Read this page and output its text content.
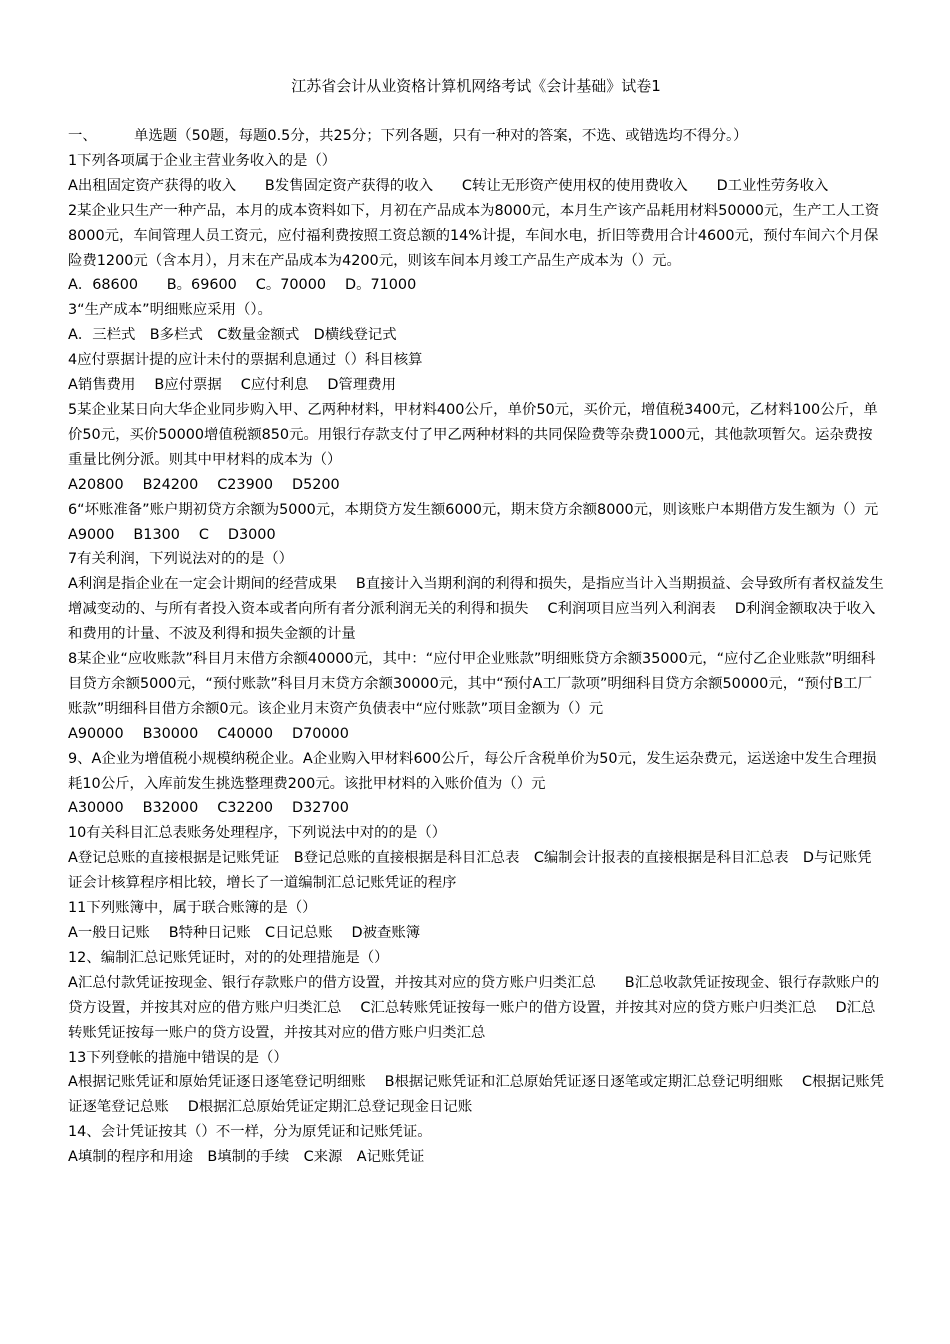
江苏省会计从业资格计算机网络考试《会计基础》试卷1
一、	单选题（50题，每题0.5分，共25分；下列各题，只有一种对的答案，不选、或错选均不得分。）
1下列各项属于企业主营业务收入的是（）
A出租固定资产获得的收入　　B发售固定资产获得的收入　　C转让无形资产使用权的使用费收入　　D工业性劳务收入
2某企业只生产一种产品，本月的成本资料如下，月初在产品成本为8000元，本月生产该产品耗用材料50000元，生产工人工资8000元，车间管理人员工资元，应付福利费按照工资总额的14%计提，车间水电，折旧等费用合计4600元，预付车间六个月保险费1200元（含本月），月末在产品成本为4200元，则该车间本月竣工产品生产成本为（）元。
A．68600　　B。69600　 C。70000　 D。71000
3“生产成本”明细账应采用（）。
A．三栏式　B多栏式　C数量金额式　D横线登记式
4应付票据计提的应计未付的票据利息通过（）科目核算
A销售费用　 B应付票据　 C应付利息　 D管理费用
5某企业某日向大华企业同步购入甲、乙两种材料，甲材料400公斤，单价50元，买价元，增值税3400元，乙材料100公斤，单价50元，买价50000增值税额850元。用银行存款支付了甲乙两种材料的共同保险费等杂费1000元，其他款项暂欠。运杂费按重量比例分派。则其中甲材料的成本为（）
A20800　 B24200　 C23900　 D5200
6“坏账准备”账户期初贷方余额为5000元，本期贷方发生额6000元，期末贷方余额8000元，则该账户本期借方发生额为（）元
A9000　 B1300　 C　 D3000
7有关利润，下列说法对的的是（）
A利润是指企业在一定会计期间的经营成果　 B直接计入当期利润的利得和损失，是指应当计入当期损益、会导致所有者权益发生增减变动的、与所有者投入资本或者向所有者分派利润无关的利得和损失　 C利润项目应当列入利润表　 D利润金额取决于收入和费用的计量、不波及利得和损失金额的计量
8某企业“应收账款”科目月末借方余额40000元，其中：“应付甲企业账款”明细账贷方余额35000元，“应付乙企业账款”明细科目贷方余额5000元，“预付账款”科目月末贷方余额30000元，其中“预付A工厂款项”明细科目贷方余额50000元，“预付B工厂账款”明细科目借方余额0元。该企业月末资产负债表中“应付账款”项目金额为（）元
A90000　 B30000　 C40000　 D70000
9、A企业为增值税小规模纳税企业。A企业购入甲材料600公斤，每公斤含税单价为50元，发生运杂费元，运送途中发生合理损耗10公斤，入库前发生挑选整理费200元。该批甲材料的入账价值为（）元
A30000　 B32000　 C32200　 D32700
10有关科目汇总表账务处理程序，下列说法中对的的是（）
A登记总账的直接根据是记账凭证　B登记总账的直接根据是科目汇总表　C编制会计报表的直接根据是科目汇总表　D与记账凭证会计核算程序相比较，增长了一道编制汇总记账凭证的程序
11下列账簿中，属于联合账簿的是（）
A一般日记账　 B特种日记账　C日记总账　 D被查账簿
12、编制汇总记账凭证时，对的的处理措施是（）
A汇总付款凭证按现金、银行存款账户的借方设置，并按其对应的贷方账户归类汇总　　B汇总收款凭证按现金、银行存款账户的贷方设置，并按其对应的借方账户归类汇总　 C汇总转账凭证按每一账户的借方设置，并按其对应的贷方账户归类汇总　 D汇总转账凭证按每一账户的贷方设置，并按其对应的借方账户归类汇总
13下列登帐的措施中错误的是（）
A根据记账凭证和原始凭证逐日逐笔登记明细账　 B根据记账凭证和汇总原始凭证逐日逐笔或定期汇总登记明细账　 C根据记账凭证逐笔登记总账　 D根据汇总原始凭证定期汇总登记现金日记账
14、会计凭证按其（）不一样，分为原凭证和记账凭证。
A填制的程序和用途　B填制的手续　C来源　A记账凭证
